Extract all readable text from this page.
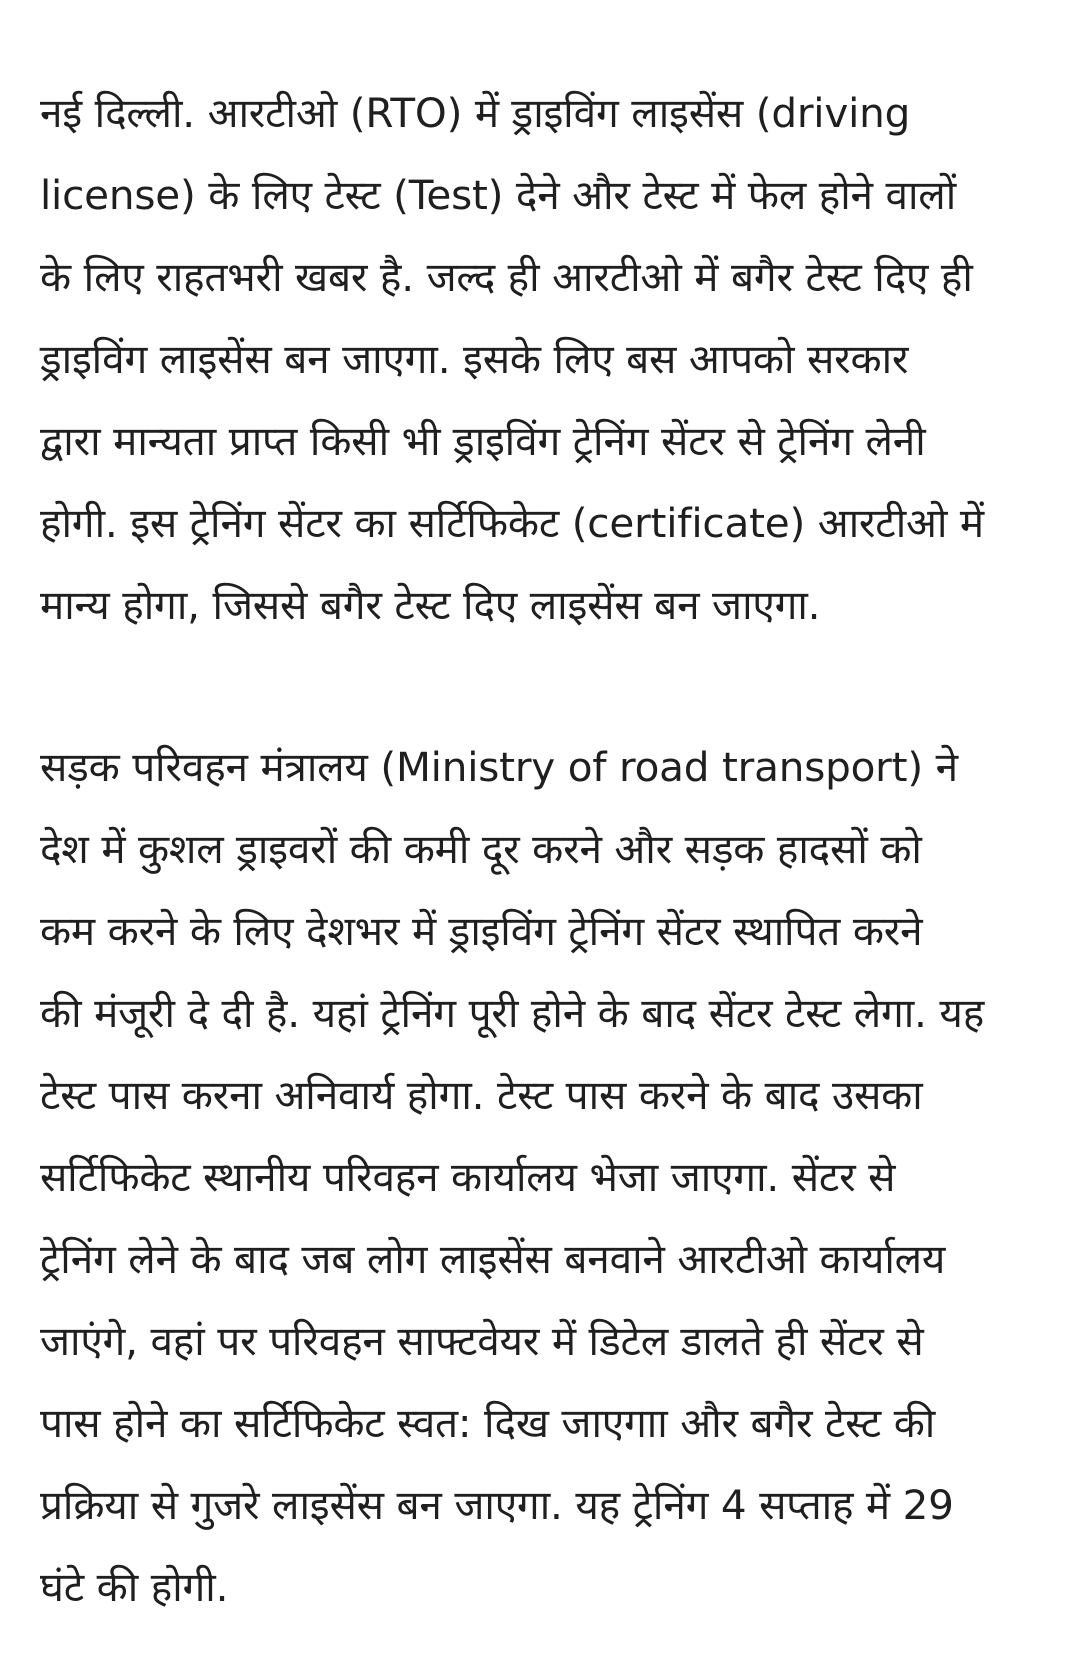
नई दिल्ली. आरटीओ (RTO) में ड्राइविंग लाइसेंस (driving
license) के लिए टेस्ट (Test) देने और टेस्ट में फेल होने वालों
के लिए राहतभरी खबर है. जल्द ही आरटीओ में बगैर टेस्ट दिए ही
ड्राइविंग लाइसेंस बन जाएगा. इसके लिए बस आपको सरकार
द्वारा मान्यता प्राप्त किसी भी ड्राइविंग ट्रेनिंग सेंटर से ट्रेनिंग लेनी
होगी. इस ट्रेनिंग सेंटर का सर्टिफिकेट (certificate) आरटीओ में
मान्य होगा, जिससे बगैर टेस्ट दिए लाइसेंस बन जाएगा.

सड़क परिवहन मंत्रालय (Ministry of road transport) ने
देश में कुशल ड्राइवरों की कमी दूर करने और सड़क हादसों को
कम करने के लिए देशभर में ड्राइविंग ट्रेनिंग सेंटर स्थापित करने
की मंजूरी दे दी है. यहां ट्रेनिंग पूरी होने के बाद सेंटर टेस्ट लेगा. यह
टेस्ट पास करना अनिवार्य होगा. टेस्ट पास करने के बाद उसका
सर्टिफिकेट स्थानीय परिवहन कार्यालय भेजा जाएगा. सेंटर से
ट्रेनिंग लेने के बाद जब लोग लाइसेंस बनवाने आरटीओ कार्यालय
जाएंगे, वहां पर परिवहन साफ्टवेयर में डिटेल डालते ही सेंटर से
पास होने का सर्टिफिकेट स्वत: दिख जाएगाा और बगैर टेस्ट की
प्रक्रिया से गुजरे लाइसेंस बन जाएगा. यह ट्रेनिंग 4 सप्ताह में 29
घंटे की होगी.
